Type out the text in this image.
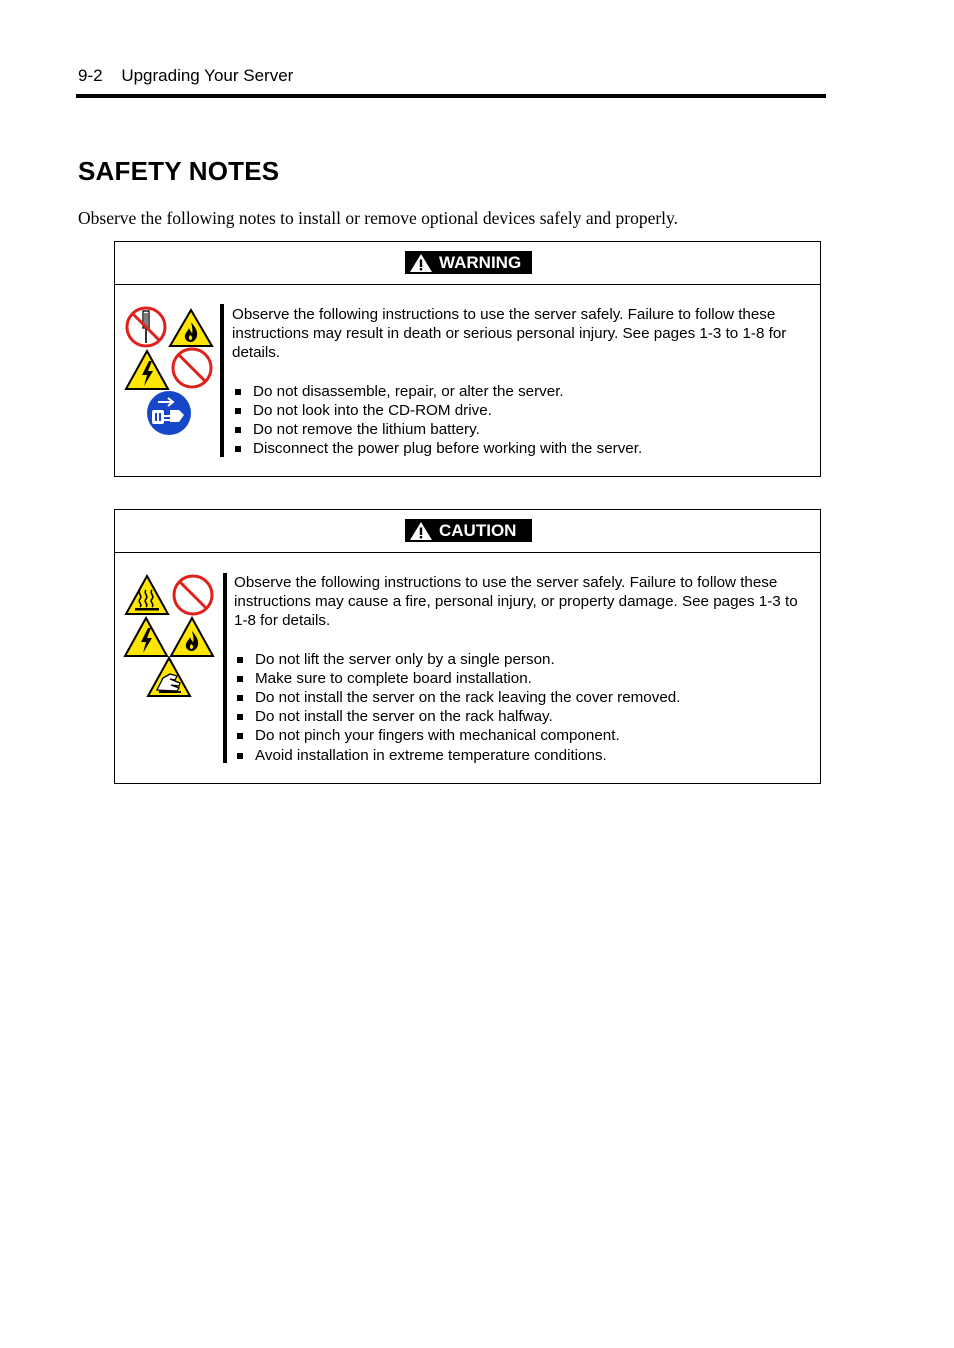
9-2 Upgrading Your Server
SAFETY NOTES

Observe the following notes to install or remove optional devices safely and properly.

WARNING

Observe the following instructions to use the server safely. Failure to follow these instructions may result in death or serious personal injury. See pages 1-3 to 1-8 for details.

Do not disassemble, repair, or alter the server.
Do not look into the CD-ROM drive.
Do not remove the lithium battery.
Disconnect the power plug before working with the server.
CAUTION

Observe the following instructions to use the server safely. Failure to follow these instructions may cause a fire, personal injury, or property damage. See pages 1-3 to 1-8 for details.

Do not lift the server only by a single person.
Make sure to complete board installation.
Do not install the server on the rack leaving the cover removed.
Do not install the server on the rack halfway.
Do not pinch your fingers with mechanical component.
Avoid installation in extreme temperature conditions.
